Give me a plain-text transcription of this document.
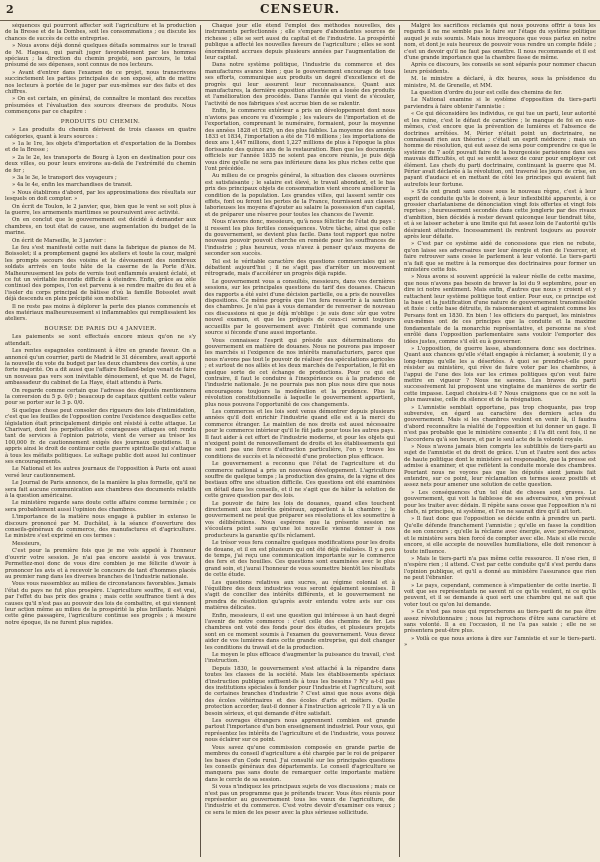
2	CENSEUR.

séquences qui pourront affecter soit l'agriculture et la production de la Bresse et de la Dombes, soit les consommations ; ou discute les chances de succès de cette entreprise.

» Nous avons déjà donné quelques détails sommaires sur le travail de M. Hageau, qui paraît juger favorablement par les hommes spéciaux ; la direction du chemin projeté, son parcours, le total présumé de ses dépenses, sont connus de nos lecteurs.

» Avant d'entrer dans l'examen de ce projet, nous transcrivons succinctement les parties principales de son exposé, afin de mettre nos lecteurs à portée de le juger par eux-mêmes sur des faits et des chiffres.

» On est certain, en général, de connaître le montant des recettes présumées et l'évaluation des sources diverses de produits. Nous commençons par ce chapitre :

PRODUITS DU CHEMIN.

» Les produits du chemin dérivent de trois classes en quatre catégories, quant à leurs sources :

» 1a le 1re, les objets d'importation et d'exportation de la Dombes et de la Bresse ;

» 2a le 2e, les transports de Bourg à Lyon en destination pour ces deux villes, ou pour leurs environs au-delà de l'extrémité du chemin de fer ;

» 3a le 3e, le transport des voyageurs ;

» 4a le 4e, enfin les marchandises de transit.

» Nous établirons d'abord, par les approximations des résultats sur lesquels on doit compter. »

On écrit de Toulon, le 2 janvier, que, bien que le vent se soit plus à la guerre, les armements maritimes se poursuivent avec activité.

On en conclut que le gouvernement est décidé à demander aux chambres, en tout état de cause, une augmentation du budget de la marine.

On écrit de Marseille, le 3 janvier :

Le feu s'est manifesté cette nuit dans la fabrique de pianos de M. Boissolet; il a promptement gagné les ateliers et toute la cour, malgré les prompts secours des voisins et le dévouement des nombreux soldats arrivés en toute hâte de la caserne de la Porte d'Aix. Malheureusement les pots de vernis tout enflammés avaient éclaté, et ce fut un véritable incendie difficile à éteindre. Enfin, grâce au zèle continuel des pompes, l'on est parvenu à se rendre maître du feu et à l'isoler du corps principal de bâtisse d'où la famille Boissolet avait déjà descendu en plein précipité son mobilier.

Il ne reste pas moins à déplorer la perte des pianos commencés et des matériaux malheureusement si inflammables qui remplissaient les ateliers.

BOURSE DE PARIS DU 4 JANVIER.

Les paiements se sont effectués encore mieux qu'on ne s'y attendait.

Les rentes espagnoles continuent à être en grande faveur. On a annoncé qu'un courrier, parti de Madrid le 31 décembre, avait apporté la nouvelle du vote du budget par les deux chambres des cortès, à une forte majorité. On a dit aussi que l'affaire Bolland-belge venait de faire un nouveau pas vers son inévitable dénouement, et que M. de Fagel, ambassadeur du cabinet de La Haye, était attendu à Paris.

On regarde comme certain que l'adresse des députés mentionnera la conversion du 5 p. 0/0 ; beaucoup de capitaux quittent cette valeur pour se porter sur le 3 p. 0/0.

Si quelque chose peut consoler des rigueurs des lois d'intimidation, c'est que les feuilles de l'opposition contre l'existence desquelles cette législation était principalement dirigée ont résisté à cette attaque. Le Charivari, dont les perpétuelles et courageuses attaques ont rendu tant de services à l'opinion patriote, vient de verser au trésor les 100,000 fr. de cautionnement exigés des journaux quotidiens. Il a appris ainsi le droit de continuer cette guerre spirituelle qui s'attaque à tous les méfaits politiques. Le sultage public doit aussi lui continuer ses encouragements.

Le National et les autres journaux de l'opposition à Paris ont aussi versé leur cautionnement.

Le Journal de Paris annonce, de la manière la plus formelle, qu'il ne sera fait aucune communication aux chambres des documents relatifs à la question américaine.

Le ministère regarde sans doute cette affaire comme terminée ; ce sera probablement aussi l'opinion des chambres.

L'importance de la matière nous engage à publier in extenso le discours prononcé par M. Duchâtel, à la séance d'ouverture des conseils-généraux du commerce, des manufactures et d'agriculture. Le ministre s'est exprimé en ces termes :

Messieurs,

C'est pour la première fois que je me vois appelé à l'honneur d'ouvrir votre session. Je n'ai pas encore assisté à vos travaux. Permettez-moi donc de vous dire combien je me félicite d'avoir à prononcer les avis et à recevoir le concours de tant d'hommes placés au premier rang dans les diverses branches de l'industrie nationale.

Vous vous rassemblez au milieu de circonstances favorables. Jamais l'état du pays ne fut plus prospère. L'agriculture souffre, il est vrai, par l'effet du bas prix des grains ; mais cette souffrance tient à des causes qu'il n'est pas au pouvoir des lois de combattre, et qui viennent leur action même au milieu de la prospérité la plus brillante. Malgré cette gêne passagère, l'agriculture continue ses progrès ; à mesure notre époque, ils ne furent plus rapides.

Chaque jour elle étend l'emploi des méthodes nouvelles, des instruments perfectionnés ; elle s'empare d'abondantes sources de richesse ; elle se sert aussi du capital et de l'industrie. La prospérité publique a affecté les nouvelles faveurs de l'agriculture ; elles se sont énormément accrues depuis plusieurs années par l'augmentation de leur capital.

Dans notre système politique, l'industrie du commerce et des manufactures avance bien ; que le gouvernement encourage de tous ses efforts, communique aux produits un degré d'excellence et de progrès qui leur assurent leur reconnaissance. Quant aux manufactures, la dernière exposition attestée en a louée des produits et l'amélioration des procédés. Dans l'année qui vient de s'écouler, l'activité de nos fabriques s'est accrue bien de se ralentir.

Enfin, le commerce extérieur a pris un développement dont nous n'avions pas encore vu d'exemple ; les valeurs de l'importation et de l'exportation, comprenant le numéraire, formaient, pour la moyenne des années 1828 et 1829, un des plus faibles. La moyenne des années 1833 et 1834, l'importation a été de 716 millions ; les importations de deux ans 1,447 millions, dont 1,227 millions de plus à l'époque la plus florissante des quinze ans de la restauration. Bien que les documents officiels sur l'année 1835 ne soient pas encore réunis, je puis déjà vous dire qu'elle ne sera pas inférieure dans les plus riches cette que l'ont précédée.

Au milieu de ce progrès général, la situation des classes ouvrières est satisfaisante ; le salaire est élevé, le travail abondant, et le bas prix des principaux objets de consommation vient encore améliorer la condition de la population. Les grandes villes, qui lassent sentir ces effets, font ou feront les pertes de la France, fournissent aux classes laborieuses les moyens d'ajouter au salaire la possession d'un capital, et de préparer une réserve pour toutes les chances de l'avenir.

Nous n'avons donc, messieurs, qu'à nous féliciter de l'état du pays : il ressent les plus fertiles conséquences. Votre tâche, ainsi que celle du gouvernement, se devient plus facile. Dans tout rapport que notre nouveau pouvoir pouvoit cherche en remède pour les souffrances de l'industrie ; plus heureux, vous n'avez à penser qu'aux moyens de seconder son succès.

Tel est le véritable caractère des questions commerciales qui se débattent aujourd'hui ; il ne s'agit pas d'arrêter un mouvement rétrograde, mais d'accélérer un progrès déjà rapide.

Le gouvernement vous a consultés, messieurs, dans vos dernières sessions, sur les principales questions du tarif des douanes. Chacun des rapports a été suivi d'une décision partielle, ou a pris de nouvelles dispositions. Ce même progrès que l'on fera ressortir à la sanction des chambres. Je n'ai pas à vous demander de renverser de nouveau ces discussions ni que je déjà m'oblige : je suis donc sûr que votre nouvel examen, et que les préjugés de ceux-ci seront toujours accueillis par le gouvernement avec l'intérêt que commande une source si féconde d'une aussi importante.

Vous connaissez l'esprit qui préside aux déterminations du gouvernement en matière de douanes. Nous ne pouvons pas imposer les marchés si l'exigence de nos intérêts manufacturiers, parce que nous n'avons pas tout le pouvoir de réaliser des spéculations agricoles ; et surtout de nos alliés et les deux marchés de l'exportation, le fût en quelque sorte de cet échange de productions. Pour ce qui est contraire, il faut le conduire à l'inexpérience ou à la prudence de l'industrie nationale. Je ne pourrais pas non plus nous dire que nous encourageons toujours la modération et la prudence. Plus la révolution constitutionnelle à laquelle le gouvernement appartient, plus nous pouvons l'opportunité de ces changements.

Les commerces et les lois sont venus démontrer depuis plusieurs années qu'il doit enrichir l'industrie quand elle est à la merci du commerce étranger. Le maintien de nos droits est aussi nécessaire pour le commerce intérieur qu'il le fût jadis pour tous les autres pays. Il faut aider à cet effort de l'industrie moderne, et pour les objets qui n'exigent point de renouvellement de droits et les établissements qui ne sont pas une force d'attraction particulière, l'on y trouve les conditions de succès et la nécessité d'une protection plus efficace.

Le gouvernement a reconnu que l'état de l'agriculture et du commerce national a pris un nouveau développement. L'agriculture souffre de quelque temps ; la production des grains, de la vigne et des bestiaux offre une situation difficile. Ces questions ont été examinées en détail dans les conseils, et il ne s'agit que de hâter la solution de cette grave question par des lois.

Le pouvoir de faire les lois de douanes, quand elles touchent directement aux intérêts généraux, appartient à la chambre ; le gouvernement ne peut que préparer ses résolutions et les soumettre à vos délibérations. Nous espérons que la présente session ne s'écoulera point sans qu'une loi nouvelle vienne donner à nos producteurs la garantie qu'ils réclament.

Le trésor vous fera connaître quelques modifications pour les droits de douane, et il en est plusieurs qui ont été déjà réalisées. Il y a peu de temps, j'ai reçu une communication importante sur le commerce des fers et des houilles. Ces questions sont examinées avec le plus grand soin, et j'aurai l'honneur de vous soumettre bientôt les résultats de cette étude.

Les questions relatives aux sucres, au régime colonial et à l'équilibre des deux industries vous seront également soumises. Il s'agit de concilier des intérêts différents, et le gouvernement ne prendra de résolution qu'après avoir entendu votre avis sur ces matières délicates.

Enfin, messieurs, il est une question qui intéresse à un haut degré l'avenir de notre commerce : c'est celle des chemins de fer. Les chambres ont voté des fonds pour des études, et plusieurs projets sont en ce moment soumis à l'examen du gouvernement. Vous devez aider de vos lumières dans cette grande entreprise, qui doit changer les conditions du travail et de la production.

Le moyen le plus efficace d'augmenter la puissance du travail, c'est l'instruction.

Depuis 1830, le gouvernement s'est attaché à la répandre dans toutes les classes de la société. Mais les établissements spéciaux d'instruction publique suffisent-ils à tous les besoins ? N'y a-t-il pas des institutions spéciales à fonder pour l'industrie et l'agriculture, soit de certaines branches d'industrie ? C'est ainsi que nous avons déjà des écoles vétérinaires et des écoles d'arts et métiers. Quelle protection accorder, faut-il donner à l'instruction agricole ? Il y a là un besoin sérieux, et qui demande d'être satisfait.

Les ouvrages étrangers nous apprennent combien est grande partout l'importance d'un bon enseignement industriel. Pour vous, qui représentez les intérêts de l'agriculture et de l'industrie, vous pouvez nous éclairer sur ce point.

Vous savez qu'une commission composée en grande partie de membres du conseil d'agriculture a été chargée par le roi de préparer les bases d'un Code rural. J'ai consulté sur les principales questions les conseils généraux des départements. Le conseil d'agriculture se manquera pas sans doute de remarquer cette importante matière dans le cercle de sa session.

Si vous n'indiquez les principaux sujets de vos discussions ; mais ce n'est pas un programme que je prétends tracer. Vous êtes réunis pour représenter au gouvernement tous les vœux de l'agriculture, de l'industrie et du commerce. C'est votre devoir d'examiner ces vœux ; ce sera le mien de les peser avec la plus sérieuse sollicitude.

Malgré les sacrifices réclamés qui nous pouvons offrir à tous les regards il ne me semble pas le faire sur l'étage du système politique auquel je suis soumis. Mais nous invoquons que vous parlez en notre nom, et dont je suis heureux de pouvoir vous rendre un compte fidèle ; c'est un devoir qu'il ne faut pas omettre. Il nous recommande et il est d'une grande importance que la chambre fasse de même.

Après ce discours, les conseils se sont séparés pour nommer chacun leurs présidents.

M. le ministre a déclaré, à dix heures, sous la présidence du ministre, M. de Grenelle, et MM.

La question d'ordre du jour est celle des chemins de fer.

Le National examine si le système d'opposition du tiers-parti parviendra à faire obtenir l'amnistie :

« Ce qui déconsidère les individus, ce qui tue un parti, leur autorité et les ruine, c'est le défaut de caractère ; le manque de foi en eux-mêmes, c'est encore que la prévention de lumières et l'absence de doctrines arrêtées. M. Périer n'était point un doctrinaire, ne connaissait rien aux théories ; c'était un esprit médiocre ; mais un homme de résolution, qui eut assez de sens pour comprendre ce que le système du 7 août pouvait faire de la bourgeoisie parisienne dans ses mauvais difficultés, et qui se sentit assez de cœur pour employer cet élément. Les chefs du parti doctrinaire, continuant la guerre que M. Périer avait déclarée à la révolution, ont traversé les jours de crise, en payant d'audace et en mettant de côté les principes qui avaient fait autrefois leur fortune.

» S'ils ont grandi sans cesse sous le nouveau règne, c'est à leur esprit de conduite qu'ils le doivent, à leur inflexibilité apparente, à ce grossier charlatanisme de dénonciation vingt fois offertes et vingt fois reprises ; heureusement secondés dans cette jonglerie par des rivaux d'ambition, bien décidés à rester devant quiconque leur tiendrait tête, et à se laisser acheter à une limite qui fut assez loin de l'autorité qu'ils désiraient atteindre. Incessamment ils rentrent toujours au pouvoir après leur défaite.

» C'est par ce système aidé de concessions que rien ne rebute, qu'on laisse ses adversaires user leur énergie et rien de l'exercer, et faire retrouver sans cesse le parlement à leur volonté. Le tiers-parti n'a fait que se mettre à la remorque des doctrinaires pour former un ministère cette fois.

» Nous avons si souvent apprécié la valeur réelle de cette maxime, que nous n'avons pas besoin de braver la loi du 9 septembre, pour en dire ici notre sentiment. Mais enfin, d'autres que nous y croient et y rattachent leur système politique tout entier. Pour eux, ce principe est la base et la justification d'une nature de gouvernement transmissible et fixée : cette base détruite, ils raisonneraient et agiraient comme les Persans font en 1830. En bien ! les officiers du parquet, les ministres eux-mêmes ont de ces principes que la conduite et la maxime fondamentale de la monarchie représentative, et personne ne s'est enrôlé dans l'opposition parlementaire sans vouloir l'emporter des idées justes, comme s'il eût eu à gouverner.

» L'opposition, de guerre lasse, abandonnera donc ses doctrines. Quant aux chances qu'elle s'était engagée à réclamer, à soutenir, il y a long-temps qu'elle les a désertées. À quoi se prendra-t-elle pour résister au ministère, qui rêve de faire voter par les chambres, à l'appui de l'une des lois sur les crimes politiques qu'on veut faire mettre en vigueur ? Nous ne savons. Les braves du parti successivement lui proposent une vingtaine de manières de sortir de cette impasse. Lequel choisira-t-il ? Nous craignons que ce ne soit la plus mauvaise, celle du silence et de la résignation.

» L'amnistie semblait opportune, pas trop choquante, pas trop subversive, en égard au caractère des derniers actes du gouvernement. Mais si les chambres veulent en venir là, il faudra d'abord reconnaître la réalité de l'opposition et lui donner un gage. Il n'est pas probable que le ministère consente ; il l'a dit cent fois, il ne l'accordera qu'à son heure, et par le seul acte de la volonté royale.

» Nous n'avons jamais bien compris les subtilités de tiers-parti au sujet de l'amnistie et du droit de grâce. L'un et l'autre sont des actes de haute politique dont le ministère est responsable, que la presse est admise à examiner, et que reflètent la conduite morale des chambres. Pourtant nous ne voyons pas que les députés aient jamais fait entendre, sur ce point, leur réclamation en termes assez positifs et assez nets pour amener une solution de cette question.

» Les conséquences d'un tel état de choses sont graves. Le gouvernement, qui voit la faiblesse de ses adversaires, s'en prévaut pour les traiter avec dédain. Il répète sans cesse que l'opposition n'a ni chefs, ni principes, ni système, et l'on ne saurait dire qu'il ait tort.

» Il faut donc que l'opposition se décide enfin à prendre un parti. Qu'elle défende franchement l'amnistie ; qu'elle en fasse la condition de son concours ; qu'elle la réclame avec énergie, avec persévérance, et le ministère sera bien forcé de compter avec elle. Mais si elle recule encore, si elle accepte de nouvelles humiliations, elle doit renoncer à toute influence.

» Mais le tiers-parti n'a pas même cette ressource. Il n'ose rien, il n'espère rien ; il attend. C'est par cette conduite qu'il s'est perdu dans l'opinion publique, et qu'il a donné au ministère l'assurance que rien ne peut l'ébranler.

» Le pays, cependant, commence à s'impatienter de cette inertie. Il voit que ses représentants ne savent ni ce qu'ils veulent, ni ce qu'ils peuvent, et il se demande à quoi sert une chambre qui ne sait que voter tout ce qu'on lui demande.

» Ce n'est pas nous qui reprocherons au tiers-parti de ne pas être assez révolutionnaire ; nous lui reprochons d'être sans caractère et sans volonté. Il a eu l'occasion, il ne l'a pas saisie ; elle ne se présentera peut-être plus.

» Voilà ce que nous avions à dire sur l'amnistie et sur le tiers-parti. »
